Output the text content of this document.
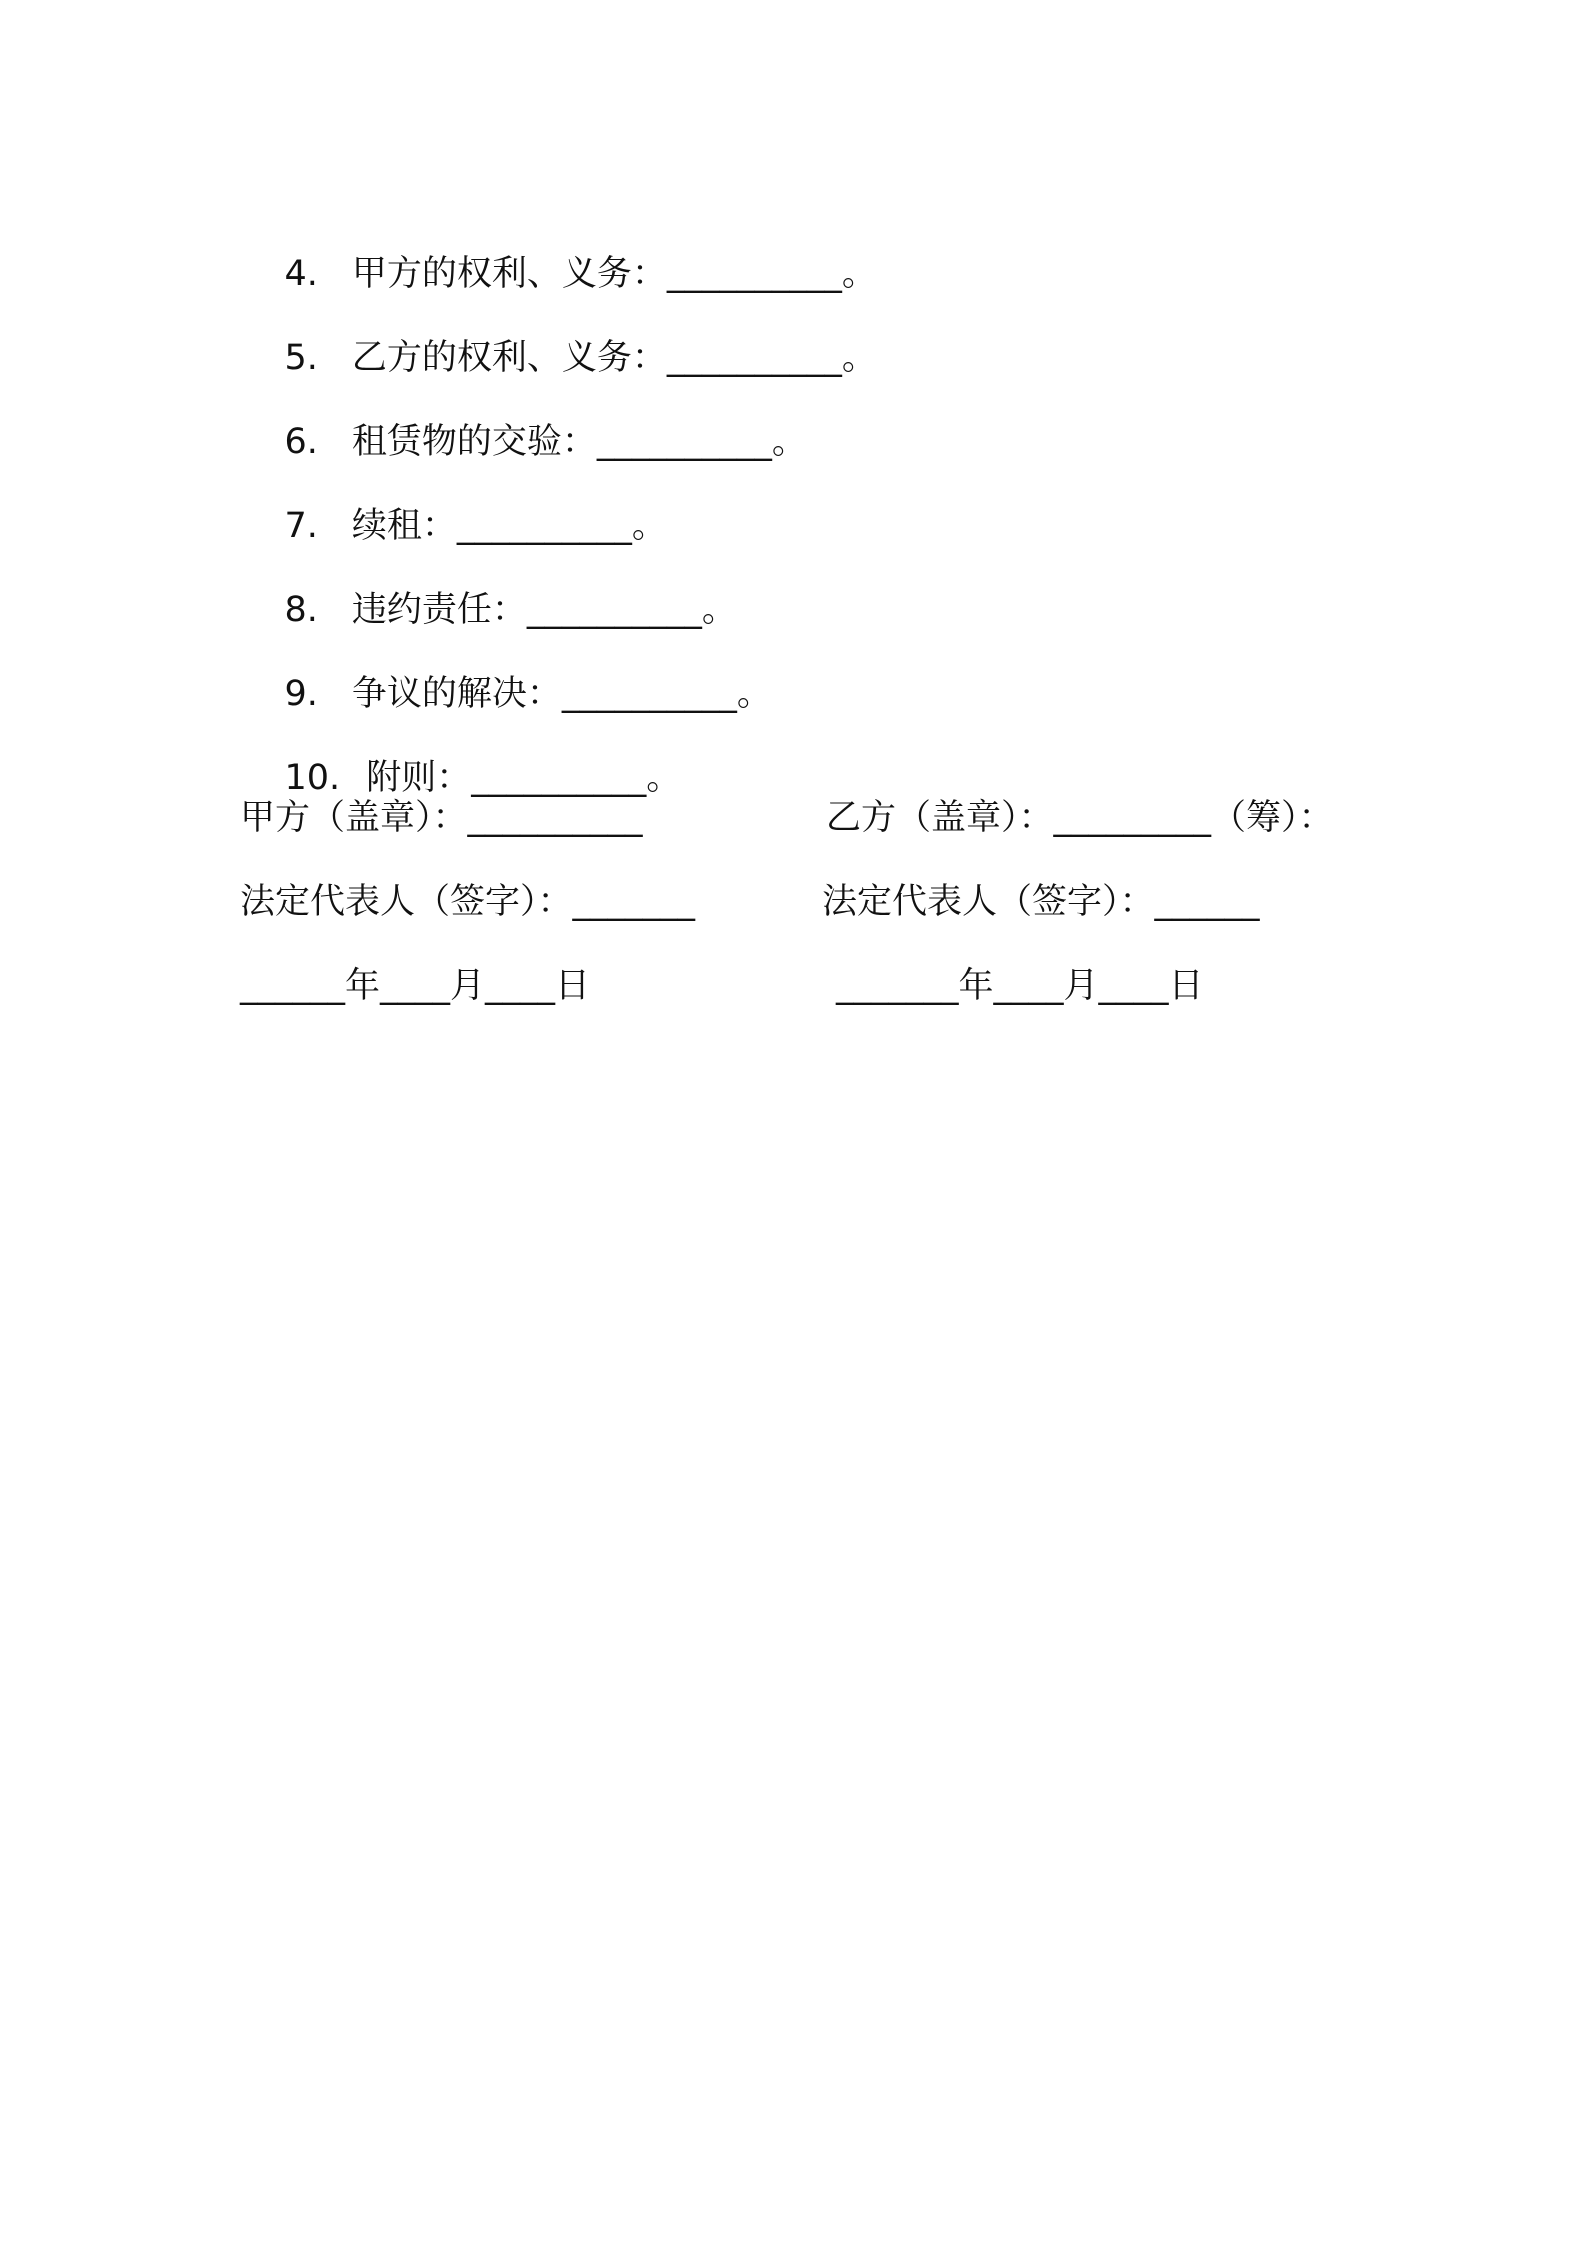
4. 甲方的权利、义务：__________。

5. 乙方的权利、义务：__________。

6. 租赁物的交验：__________。

7. 续租：__________。

8. 违约责任：__________。

9. 争议的解决：__________。

10. 附则：__________。

甲方（盖章）：__________	乙方（盖章）：_________（筹）：
法定代表人（签字）：_______	法定代表人（签字）：______
______年____月____日	_______年____月____日
